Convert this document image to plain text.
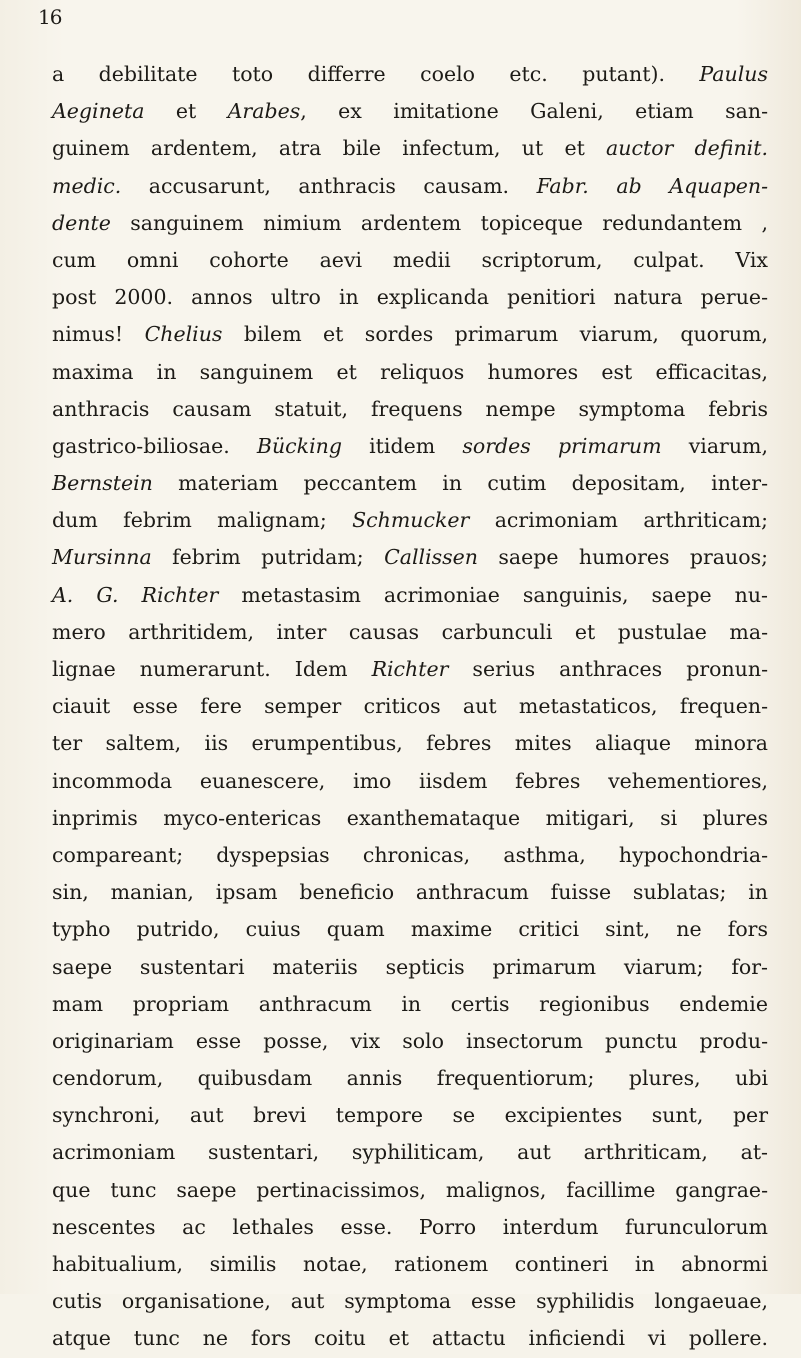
16
a debilitate toto differre coelo etc. putant). Paulus
Aegineta et Arabes, ex imitatione Galeni, etiam san-
guinem ardentem, atra bile infectum, ut et auctor definit.
medic. accusarunt, anthracis causam. Fabr. ab Aquapen-
dente sanguinem nimium ardentem topiceque redundantem ,
cum omni cohorte aevi medii scriptorum, culpat. Vix
post 2000. annos ultro in explicanda penitiori natura perue-
nimus! Chelius bilem et sordes primarum viarum, quorum,
maxima in sanguinem et reliquos humores est efficacitas,
anthracis causam statuit, frequens nempe symptoma febris
gastrico-biliosae. Bücking itidem sordes primarum viarum,
Bernstein materiam peccantem in cutim depositam, inter-
dum febrim malignam; Schmucker acrimoniam arthriticam;
Mursinna febrim putridam; Callissen saepe humores prauos;
A. G. Richter metastasim acrimoniae sanguinis, saepe nu-
mero arthritidem, inter causas carbunculi et pustulae ma-
lignae numerarunt. Idem Richter serius anthraces pronun-
ciauit esse fere semper criticos aut metastaticos, frequen-
ter saltem, iis erumpentibus, febres mites aliaque minora
incommoda euanescere, imo iisdem febres vehementiores,
inprimis myco-entericas exanthemataque mitigari, si plures
compareant; dyspepsias chronicas, asthma, hypochondria-
sin, manian, ipsam beneficio anthracum fuisse sublatas; in
typho putrido, cuius quam maxime critici sint, ne fors
saepe sustentari materiis septicis primarum viarum; for-
mam propriam anthracum in certis regionibus endemie
originariam esse posse, vix solo insectorum punctu produ-
cendorum, quibusdam annis frequentiorum; plures, ubi
synchroni, aut brevi tempore se excipientes sunt, per
acrimoniam sustentari, syphiliticam, aut arthriticam, at-
que tunc saepe pertinacissimos, malignos, facillime gangrae-
nescentes ac lethales esse. Porro interdum furunculorum
habitualium, similis notae, rationem contineri in abnormi
cutis organisatione, aut symptoma esse syphilidis longaeuae,
atque tunc ne fors coitu et attactu inficiendi vi pollere.
